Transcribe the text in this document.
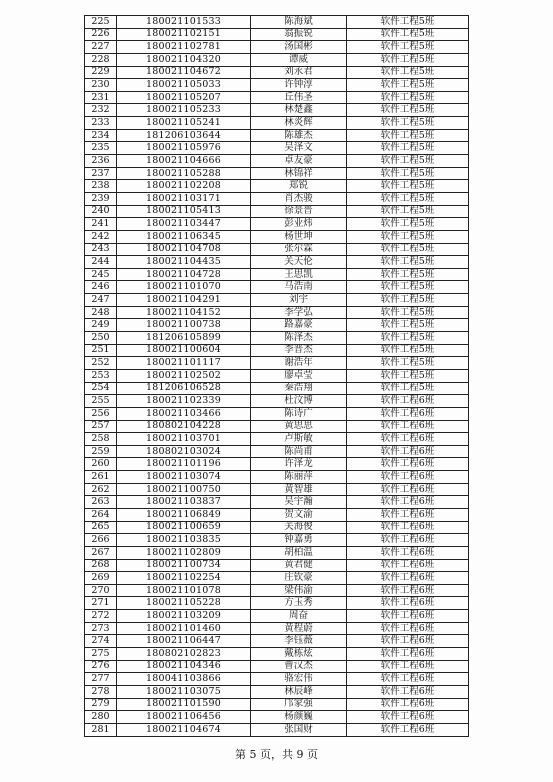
225	180021101533	陈海斌	软件工程5班
226	180021102151	翁振锐	软件工程5班
227	180021102781	汤国彬	软件工程5班
228	180021104320	谭威	软件工程5班
229	180021104672	刘永君	软件工程5班
230	180021105033	许钟淳	软件工程5班
231	180021105207	丘伟圣	软件工程5班
232	180021105233	林楚鑫	软件工程5班
233	180021105241	林炎辉	软件工程5班
234	181206103644	陈雄杰	软件工程5班
235	180021105976	吴泽文	软件工程5班
236	180021104666	卓友豪	软件工程5班
237	180021105288	林锦祥	软件工程5班
238	180021102208	郑锐	软件工程5班
239	180021103171	肖杰骏	软件工程5班
240	180021105413	徐景晋	软件工程5班
241	180021103447	彭业炜	软件工程5班
242	180021106345	杨世坤	软件工程5班
243	180021104708	张尔霖	软件工程5班
244	180021104435	关天伦	软件工程5班
245	180021104728	王思凯	软件工程5班
246	180021101070	马浩南	软件工程5班
247	180021104291	刘宇	软件工程5班
248	180021104152	李学弘	软件工程5班
249	180021100738	路嘉豪	软件工程5班
250	181206105899	陈泽杰	软件工程5班
251	180021100604	李晋杰	软件工程5班
252	180021101117	谢浩年	软件工程5班
253	180021102502	廖卓莹	软件工程5班
254	181206106528	秦浩翔	软件工程5班
255	180021102339	杜汶博	软件工程6班
256	180021103466	陈诗广	软件工程6班
257	180802104228	黄思思	软件工程6班
258	180021103701	卢斯敏	软件工程6班
259	180802103024	陈尚甫	软件工程6班
260	180021101196	许泽龙	软件工程6班
261	180021103074	陈丽萍	软件工程6班
262	180021100750	黄智雄	软件工程6班
263	180021103837	吴宇瀚	软件工程6班
264	180021106849	贺文渝	软件工程6班
265	180021100659	关海俊	软件工程6班
266	180021103835	钟嘉勇	软件工程6班
267	180021102809	胡柏温	软件工程6班
268	180021100734	黄君健	软件工程6班
269	180021102254	庄钦豪	软件工程6班
270	180021101078	梁伟渝	软件工程6班
271	180021105228	方玉秀	软件工程6班
272	180021103209	周奋	软件工程6班
273	180021101460	黄程蔚	软件工程6班
274	180021106447	李钰薇	软件工程6班
275	180802102823	戴栋炫	软件工程6班
276	180021104346	曹汉杰	软件工程6班
277	180041103866	骆宏伟	软件工程6班
278	180021103075	林辰峰	软件工程6班
279	180021101590	邝家强	软件工程6班
280	180021106456	杨颜巍	软件工程6班
281	180021104674	张国财	软件工程6班
第 5 页，共 9 页
